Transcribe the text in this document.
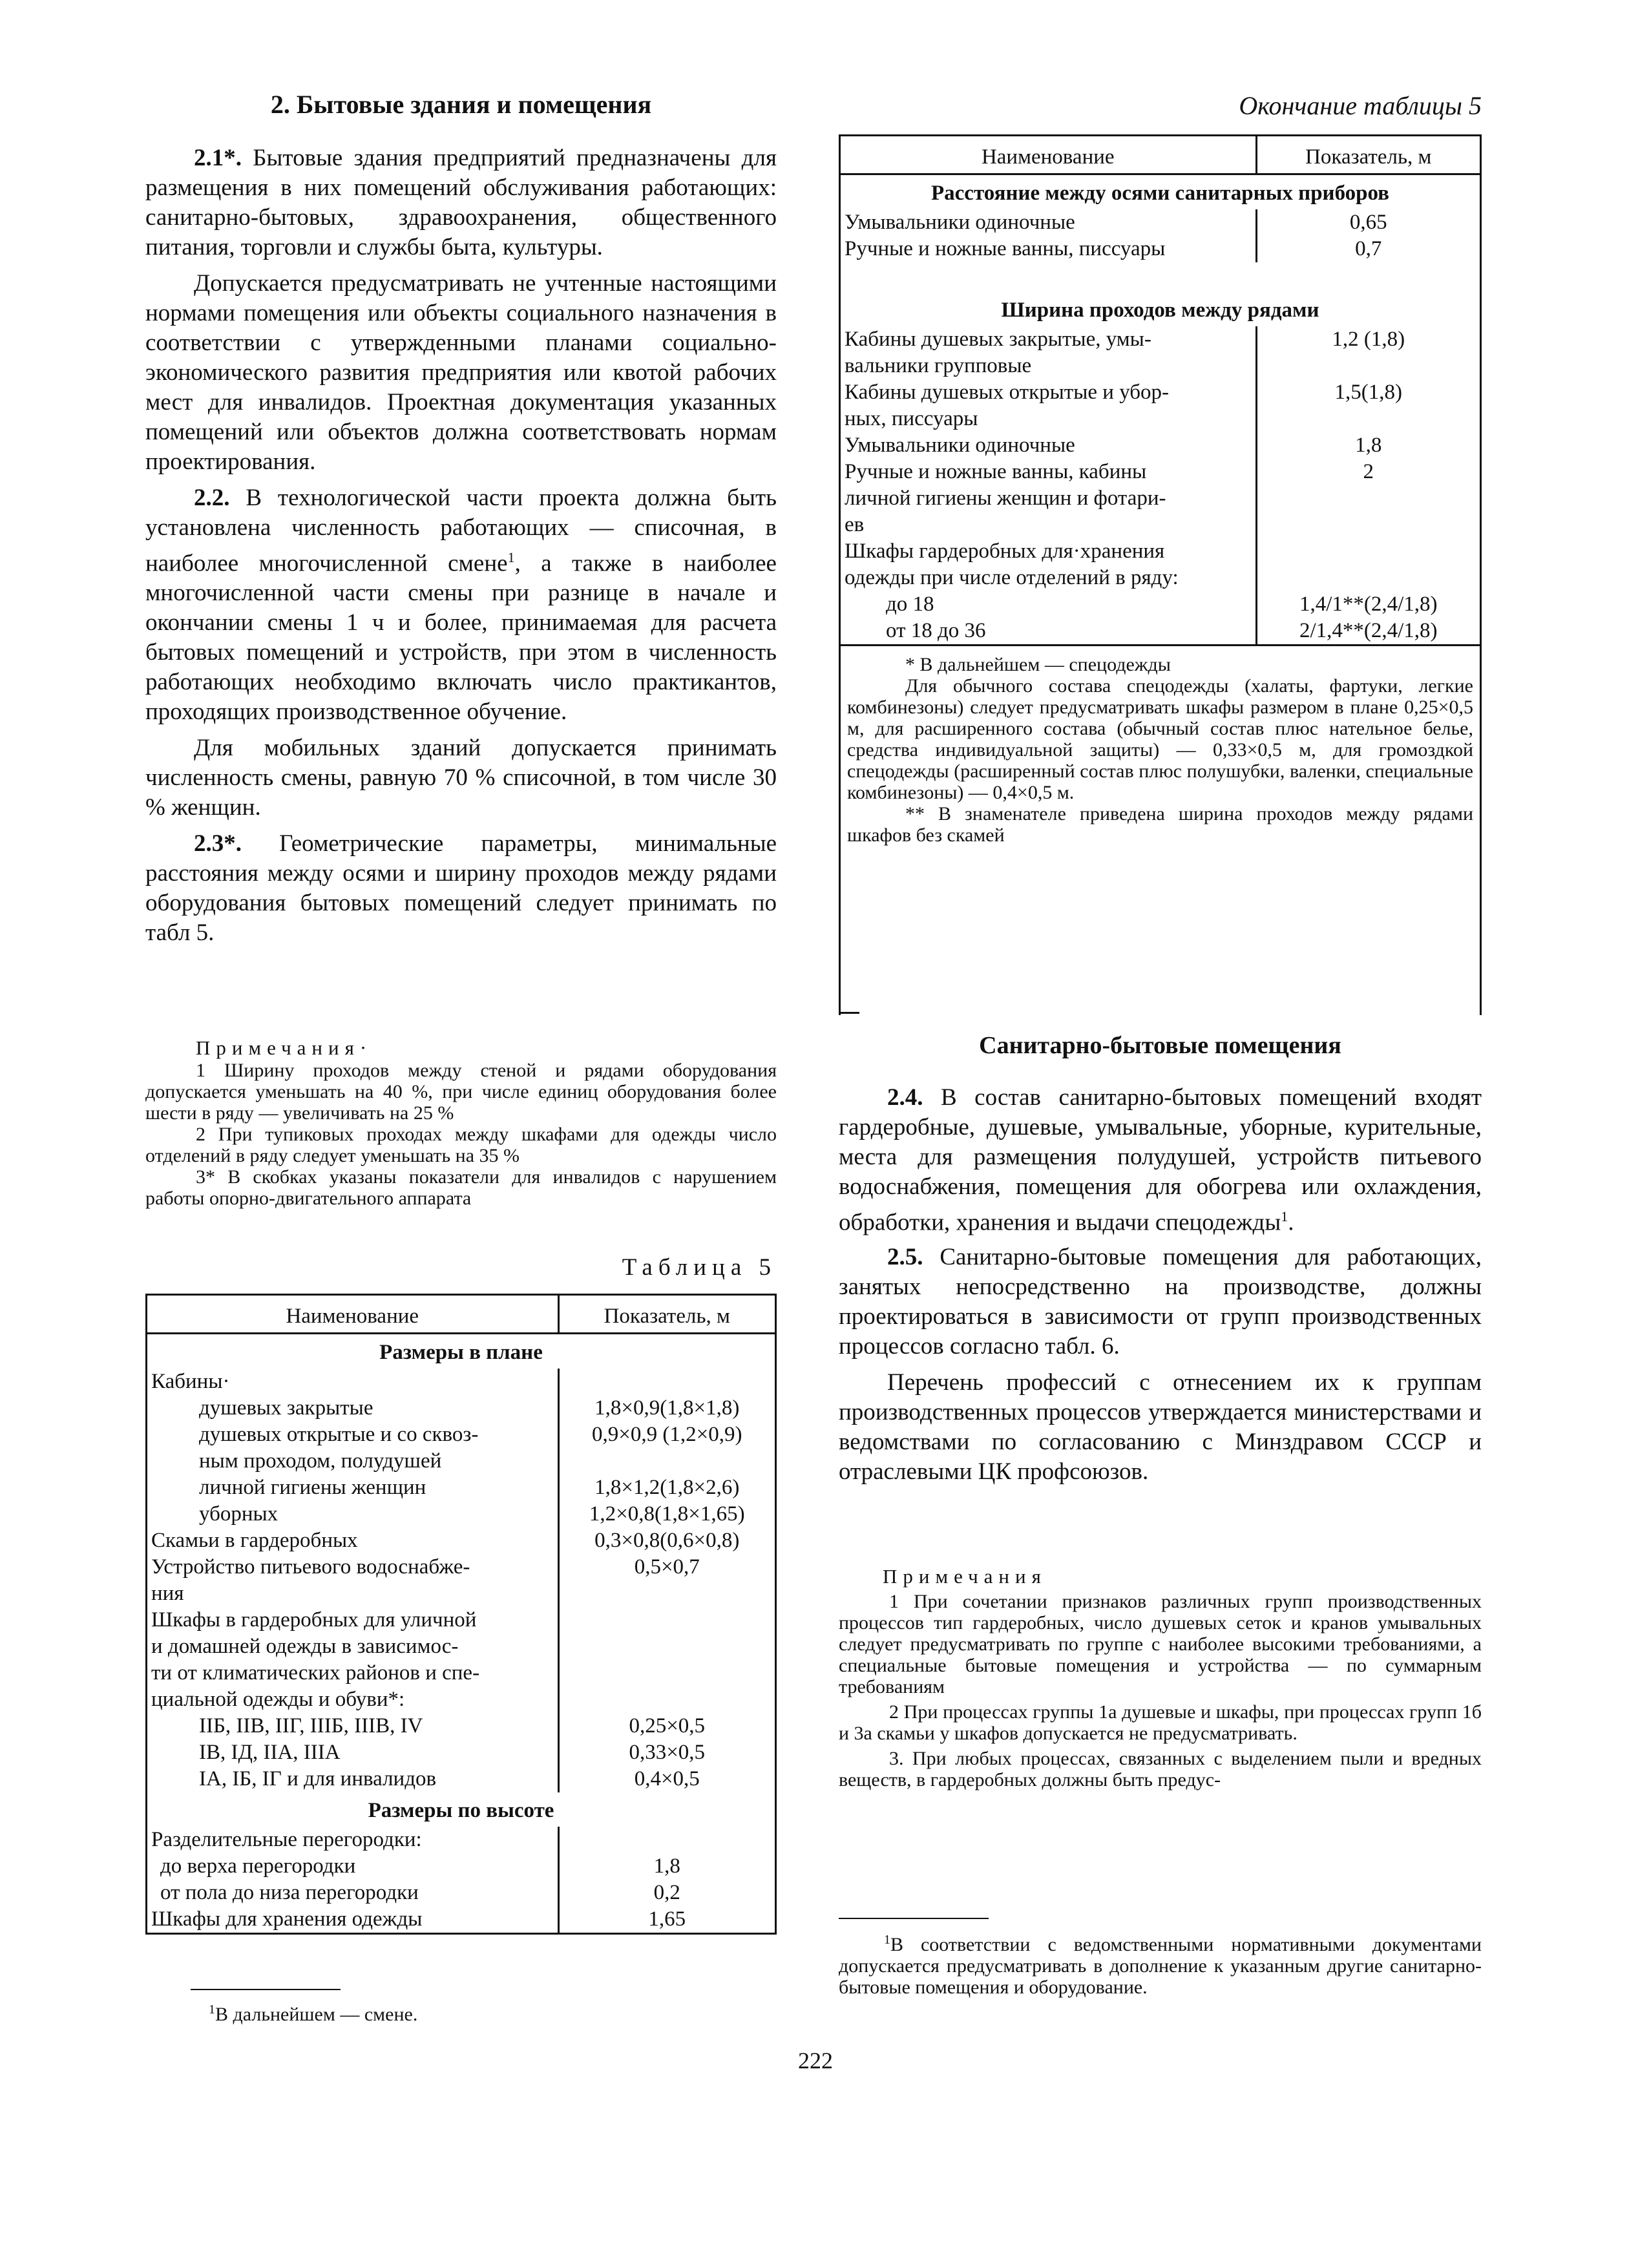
2. Бытовые здания и помещения

2.1*. Бытовые здания предприятий предназначены для размещения в них помещений обслуживания работающих: санитарно-бытовых, здравоохранения, общественного питания, торговли и службы быта, культуры.

Допускается предусматривать не учтенные настоящими нормами помещения или объекты социального назначения в соответствии с утвержденными планами социально-экономического развития предприятия или квотой рабочих мест для инвалидов. Проектная документация указанных помещений или объектов должна соответствовать нормам проектирования.

2.2. В технологической части проекта должна быть установлена численность работающих — списочная, в наиболее многочисленной смене$^1$, а также в наиболее многочисленной части смены при разнице в начале и окончании смены 1 ч и более, принимаемая для расчета бытовых помещений и устройств, при этом в численность работающих необходимо включать число практикантов, проходящих производственное обучение.

Для мобильных зданий допускается принимать численность смены, равную 70 % списочной, в том числе 30 % женщин.

2.3*. Геометрические параметры, минимальные расстояния между осями и ширину проходов между рядами оборудования бытовых помещений следует принимать по табл 5.

Примечания·

1 Ширину проходов между стеной и рядами оборудования допускается уменьшать на 40 %, при числе единиц оборудования более шести в ряду — увеличивать на 25 %

2 При тупиковых проходах между шкафами для одежды число отделений в ряду следует уменьшать на 35 %

3* В скобках указаны показатели для инвалидов с нарушением работы опорно-двигательного аппарата

Таблица 5
Наименование	Показатель, м
Размеры в плане	
Кабины·	
душевых закрытые	1,8×0,9(1,8×1,8)
душевых открытые и со сквоз-	0,9×0,9 (1,2×0,9)
ным проходом, полудушей	
личной гигиены женщин	1,8×1,2(1,8×2,6)
уборных	1,2×0,8(1,8×1,65)
Скамьи в гардеробных	0,3×0,8(0,6×0,8)
Устройство питьевого водоснабже-	0,5×0,7
ния	
Шкафы в гардеробных для уличной	
и домашней одежды в зависимос-	
ти от климатических районов и спе-	
циальной одежды и обуви*:	
IIБ, IIВ, IIГ, IIIБ, IIIВ, IV	0,25×0,5
IВ, IД, IIА, IIIА	0,33×0,5
IА, IБ, IГ и для инвалидов	0,4×0,5
Размеры по высоте	
Разделительные перегородки:	
до верха перегородки	1,8
от пола до низа перегородки	0,2
Шкафы для хранения одежды	1,65

$^1$В дальнейшем — смене.

Окончание таблицы 5
Наименование	Показатель, м
Расстояние между осями санитарных приборов	
Умывальники одиночные	0,65
Ручные и ножные ванны, писсуары	0,7
Ширина проходов между рядами	
Кабины душевых закрытые, умы-	1,2 (1,8)
вальники групповые	
Кабины душевых открытые и убор-	1,5(1,8)
ных, писсуары	
Умывальники одиночные	1,8
Ручные и ножные ванны, кабины	2
личной гигиены женщин и фотари-	
ев	
Шкафы гардеробных для·хранения	
одежды при числе отделений в ряду:	
до 18	1,4/1**(2,4/1,8)
от 18 до 36	2/1,4**(2,4/1,8)

* В дальнейшем — спецодежды

Для обычного состава спецодежды (халаты, фартуки, легкие комбинезоны) следует предусматривать шкафы размером в плане 0,25×0,5 м, для расширенного состава (обычный состав плюс нательное белье, средства индивидуальной защиты) — 0,33×0,5 м, для громоздкой спецодежды (расширенный состав плюс полушубки, валенки, специальные комбинезоны) — 0,4×0,5 м.

** В знаменателе приведена ширина проходов между рядами шкафов без скамей

Санитарно-бытовые помещения

2.4. В состав санитарно-бытовых помещений входят гардеробные, душевые, умывальные, уборные, курительные, места для размещения полудушей, устройств питьевого водоснабжения, помещения для обогрева или охлаждения, обработки, хранения и выдачи спецодежды$^1$.

2.5. Санитарно-бытовые помещения для работающих, занятых непосредственно на производстве, должны проектироваться в зависимости от групп производственных процессов согласно табл. 6.

Перечень профессий с отнесением их к группам производственных процессов утверждается министерствами и ведомствами по согласованию с Минздравом СССР и отраслевыми ЦК профсоюзов.

Примечания

1 При сочетании признаков различных групп производственных процессов тип гардеробных, число душевых сеток и кранов умывальных следует предусматривать по группе с наиболее высокими требованиями, а специальные бытовые помещения и устройства — по суммарным требованиям

2 При процессах группы 1а душевые и шкафы, при процессах групп 1б и 3а скамьи у шкафов допускается не предусматривать.

3. При любых процессах, связанных с выделением пыли и вредных веществ, в гардеробных должны быть предус-

$^1$В соответствии с ведомственными нормативными документами допускается предусматривать в дополнение к указанным другие санитарно-бытовые помещения и оборудование.

222
